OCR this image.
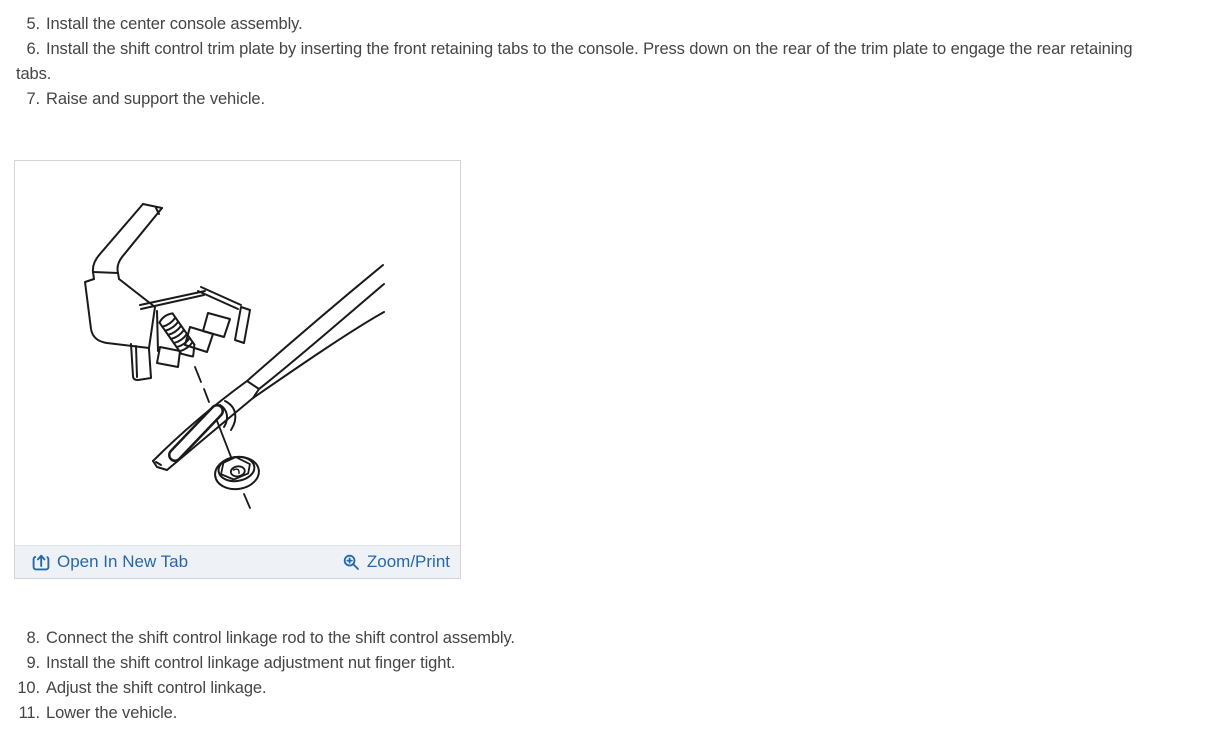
5. Install the center console assembly.
6. Install the shift control trim plate by inserting the front retaining tabs to the console. Press down on the rear of the trim plate to engage the rear retaining tabs.
7. Raise and support the vehicle.
Open In New Tab	Zoom/Print
8. Connect the shift control linkage rod to the shift control assembly.
9. Install the shift control linkage adjustment nut finger tight.
10. Adjust the shift control linkage.
11. Lower the vehicle.
